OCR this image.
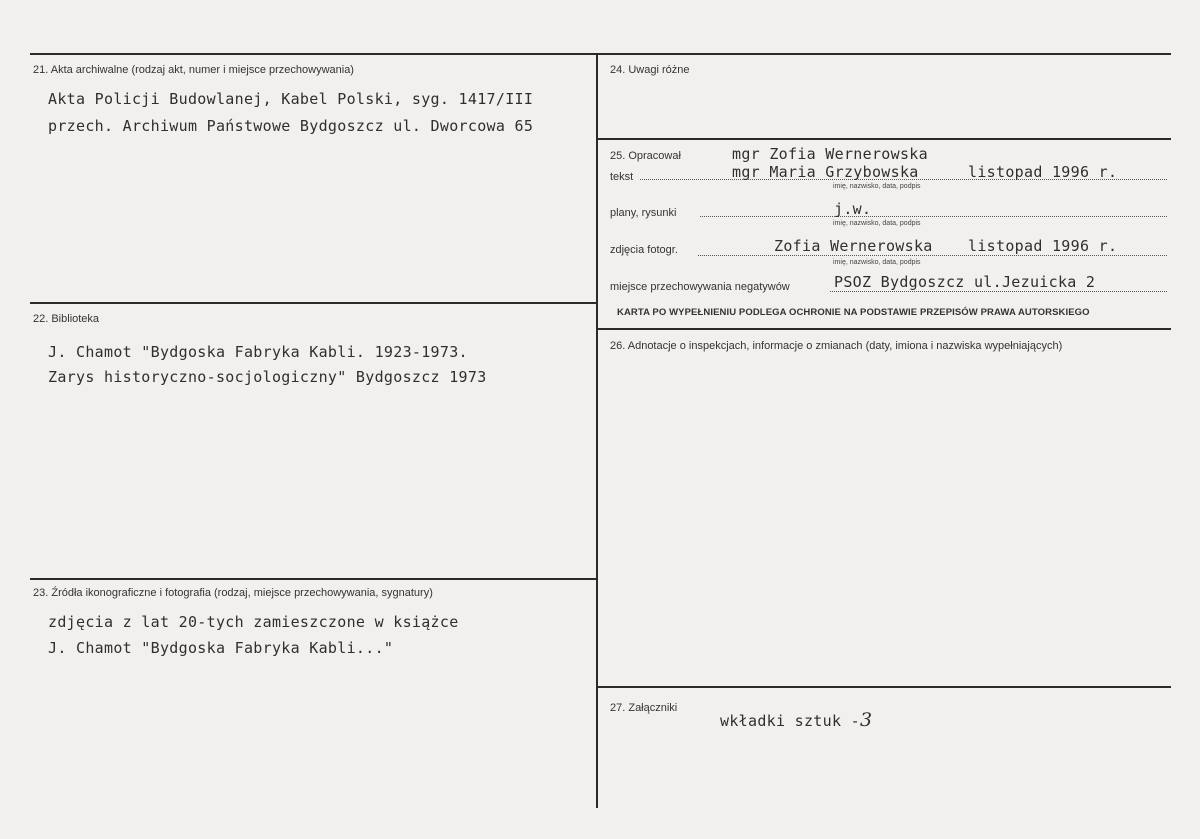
21. Akta archiwalne (rodzaj akt, numer i miejsce przechowywania)
Akta Policji Budowlanej, Kabel Polski, syg. 1417/III
przech. Archiwum Państwowe Bydgoszcz ul. Dworcowa 65
22. Biblioteka
J. Chamot "Bydgoska Fabryka Kabli. 1923-1973.
Zarys historyczno-socjologiczny" Bydgoszcz 1973
23. Źródła ikonograficzne i fotografia (rodzaj, miejsce przechowywania, sygnatury)
zdjęcia z lat 20-tych zamieszczone w książce
J. Chamot "Bydgoska Fabryka Kabli..."
24. Uwagi różne
25. Opracował	mgr Zofia Wernerowska
tekst	mgr Maria Grzybowska	listopad 1996 r.
imię, nazwisko, data, podpis
plany, rysunki	j.w.
imię, nazwisko, data, podpis
zdjęcia fotogr.	Zofia Wernerowska listopad 1996 r.
imię, nazwisko, data, podpis
miejsce przechowywania negatywów	PSOZ Bydgoszcz ul.Jezuicka 2
KARTA PO WYPEŁNIENIU PODLEGA OCHRONIE NA PODSTAWIE PRZEPISÓW PRAWA AUTORSKIEGO
26. Adnotacje o inspekcjach, informacje o zmianach (daty, imiona i nazwiska wypełniających)
27. Załączniki
wkładki sztuk -3
